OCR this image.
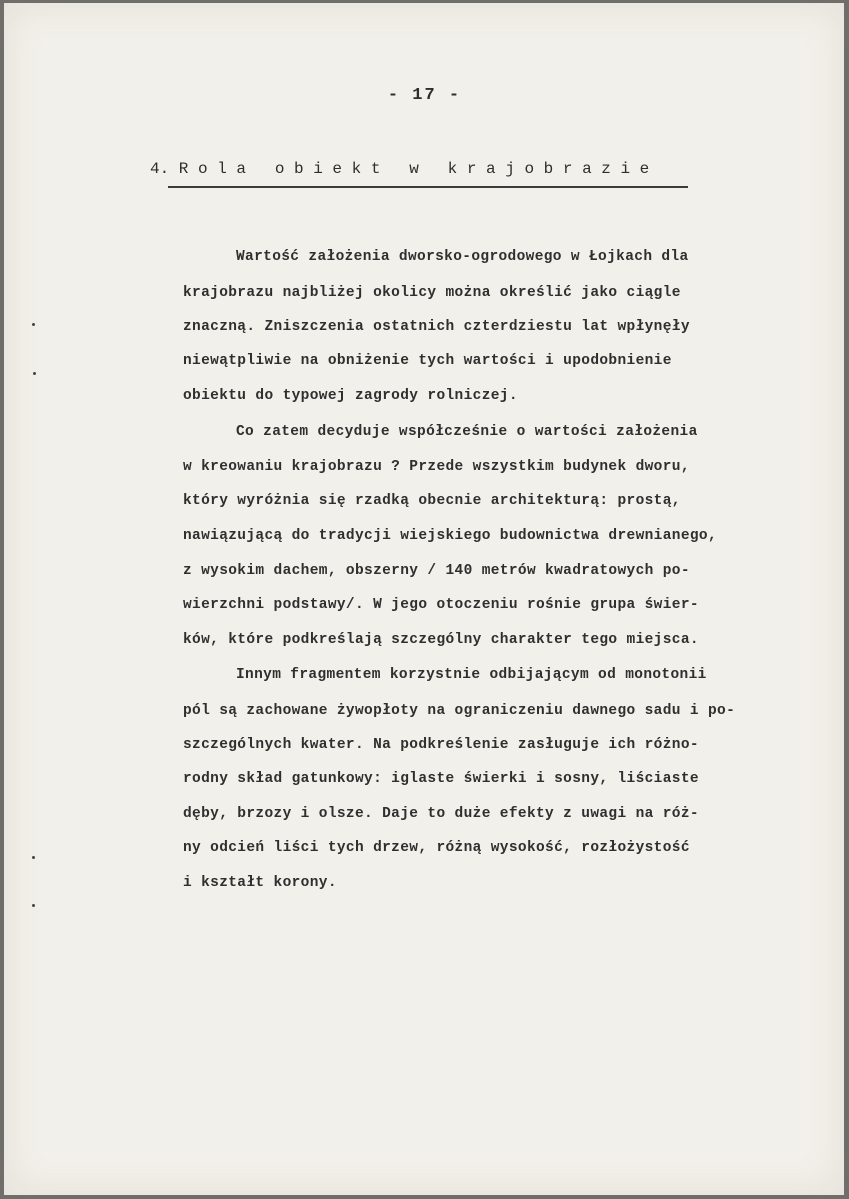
- 17 -
4. R o l a   o b i e k t   w   k r a j o b r a z i e
Wartość założenia dworsko-ogrodowego w Łojkach dla
krajobrazu najbliżej okolicy można określić jako ciągle
znaczną. Zniszczenia ostatnich czterdziestu lat wpłynęły
niewątpliwie na obniżenie tych wartości i upodobnienie
obiektu do typowej zagrody rolniczej.
Co zatem decyduje współcześnie o wartości założenia
w kreowaniu krajobrazu ? Przede wszystkim budynek dworu,
który wyróżnia się rzadką obecnie architekturą: prostą,
nawiązującą do tradycji wiejskiego budownictwa drewnianego,
z wysokim dachem, obszerny / 140 metrów kwadratowych po-
wierzchni podstawy/. W jego otoczeniu rośnie grupa świer-
ków, które podkreślają szczególny charakter tego miejsca.
Innym fragmentem korzystnie odbijającym od monotonii
pól są zachowane żywopłoty na ograniczeniu dawnego sadu i po-
szczególnych kwater. Na podkreślenie zasługuje ich różno-
rodny skład gatunkowy: iglaste świerki i sosny, liściaste
dęby, brzozy i olsze. Daje to duże efekty z uwagi na róż-
ny odcień liści tych drzew, różną wysokość, rozłożystość
i kształt korony.
